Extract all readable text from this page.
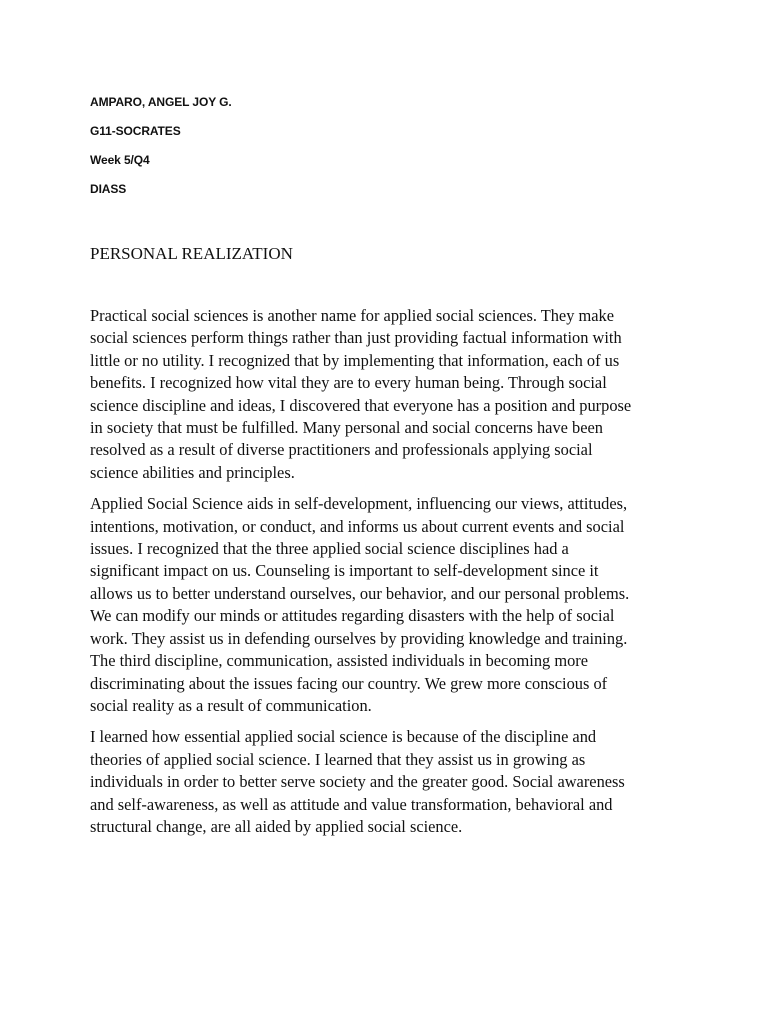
AMPARO, ANGEL JOY G.
G11-SOCRATES
Week 5/Q4
DIASS
PERSONAL REALIZATION

Practical social sciences is another name for applied social sciences. They make
social sciences perform things rather than just providing factual information with
little or no utility. I recognized that by implementing that information, each of us
benefits. I recognized how vital they are to every human being. Through social
science discipline and ideas, I discovered that everyone has a position and purpose
in society that must be fulfilled. Many personal and social concerns have been
resolved as a result of diverse practitioners and professionals applying social
science abilities and principles.

Applied Social Science aids in self-development, influencing our views, attitudes,
intentions, motivation, or conduct, and informs us about current events and social
issues. I recognized that the three applied social science disciplines had a
significant impact on us. Counseling is important to self-development since it
allows us to better understand ourselves, our behavior, and our personal problems.
We can modify our minds or attitudes regarding disasters with the help of social
work. They assist us in defending ourselves by providing knowledge and training.
The third discipline, communication, assisted individuals in becoming more
discriminating about the issues facing our country. We grew more conscious of
social reality as a result of communication.

I learned how essential applied social science is because of the discipline and
theories of applied social science. I learned that they assist us in growing as
individuals in order to better serve society and the greater good. Social awareness
and self-awareness, as well as attitude and value transformation, behavioral and
structural change, are all aided by applied social science.
